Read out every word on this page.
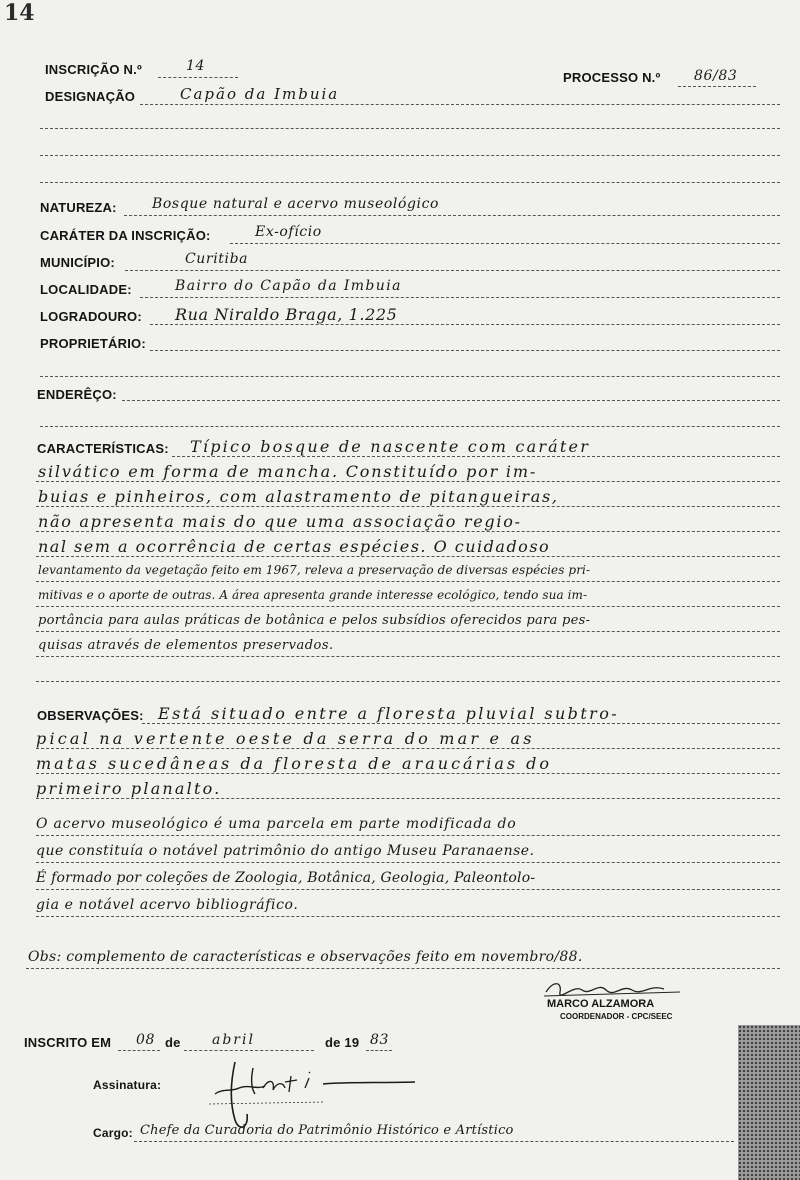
14
INSCRIÇÃO N.º	14
PROCESSO N.º 86/83
DESIGNAÇÃO	Capão da Imbuia
NATUREZA:	Bosque natural e acervo museológico
CARÁTER DA INSCRIÇÃO:	Ex-ofício
MUNICÍPIO:	Curitiba
LOCALIDADE:	Bairro do Capão da Imbuia
LOGRADOURO: Rua Niraldo Braga, 1.225
PROPRIETÁRIO:
ENDERÊÇO:
CARACTERÍSTICAS: Típico bosque de nascente com caráter
silvático em forma de mancha. Constituído por im-
buias e pinheiros, com alastramento de pitangueiras,
não apresenta mais do que uma associação regio-
nal sem a ocorrência de certas espécies. O cuidadoso
levantamento da vegetação feito em 1967, releva a preservação de diversas espécies pri-
mitivas e o aporte de outras. A área apresenta grande interesse ecológico, tendo sua im-
portância para aulas práticas de botânica e pelos subsídios oferecidos para pes-
quisas através de elementos preservados.
OBSERVAÇÕES: Está situado entre a floresta pluvial subtro-
pical na vertente oeste da serra do mar e as
matas sucedâneas da floresta de araucárias do
primeiro planalto.
O acervo museológico é uma parcela em parte modificada do
que constituía o notável patrimônio do antigo Museu Paranaense.
É formado por coleções de Zoologia, Botânica, Geologia, Paleontolo-
gia e notável acervo bibliográfico.
Obs: complemento de características e observações feito em novembro/88.
MARCO ALZAMORA
COORDENADOR - CPC/SEEC
INSCRITO EM 08 de abril	de 19 83
Assinatura:
Cargo: Chefe da Curadoria do Patrimônio Histórico e Artístico
